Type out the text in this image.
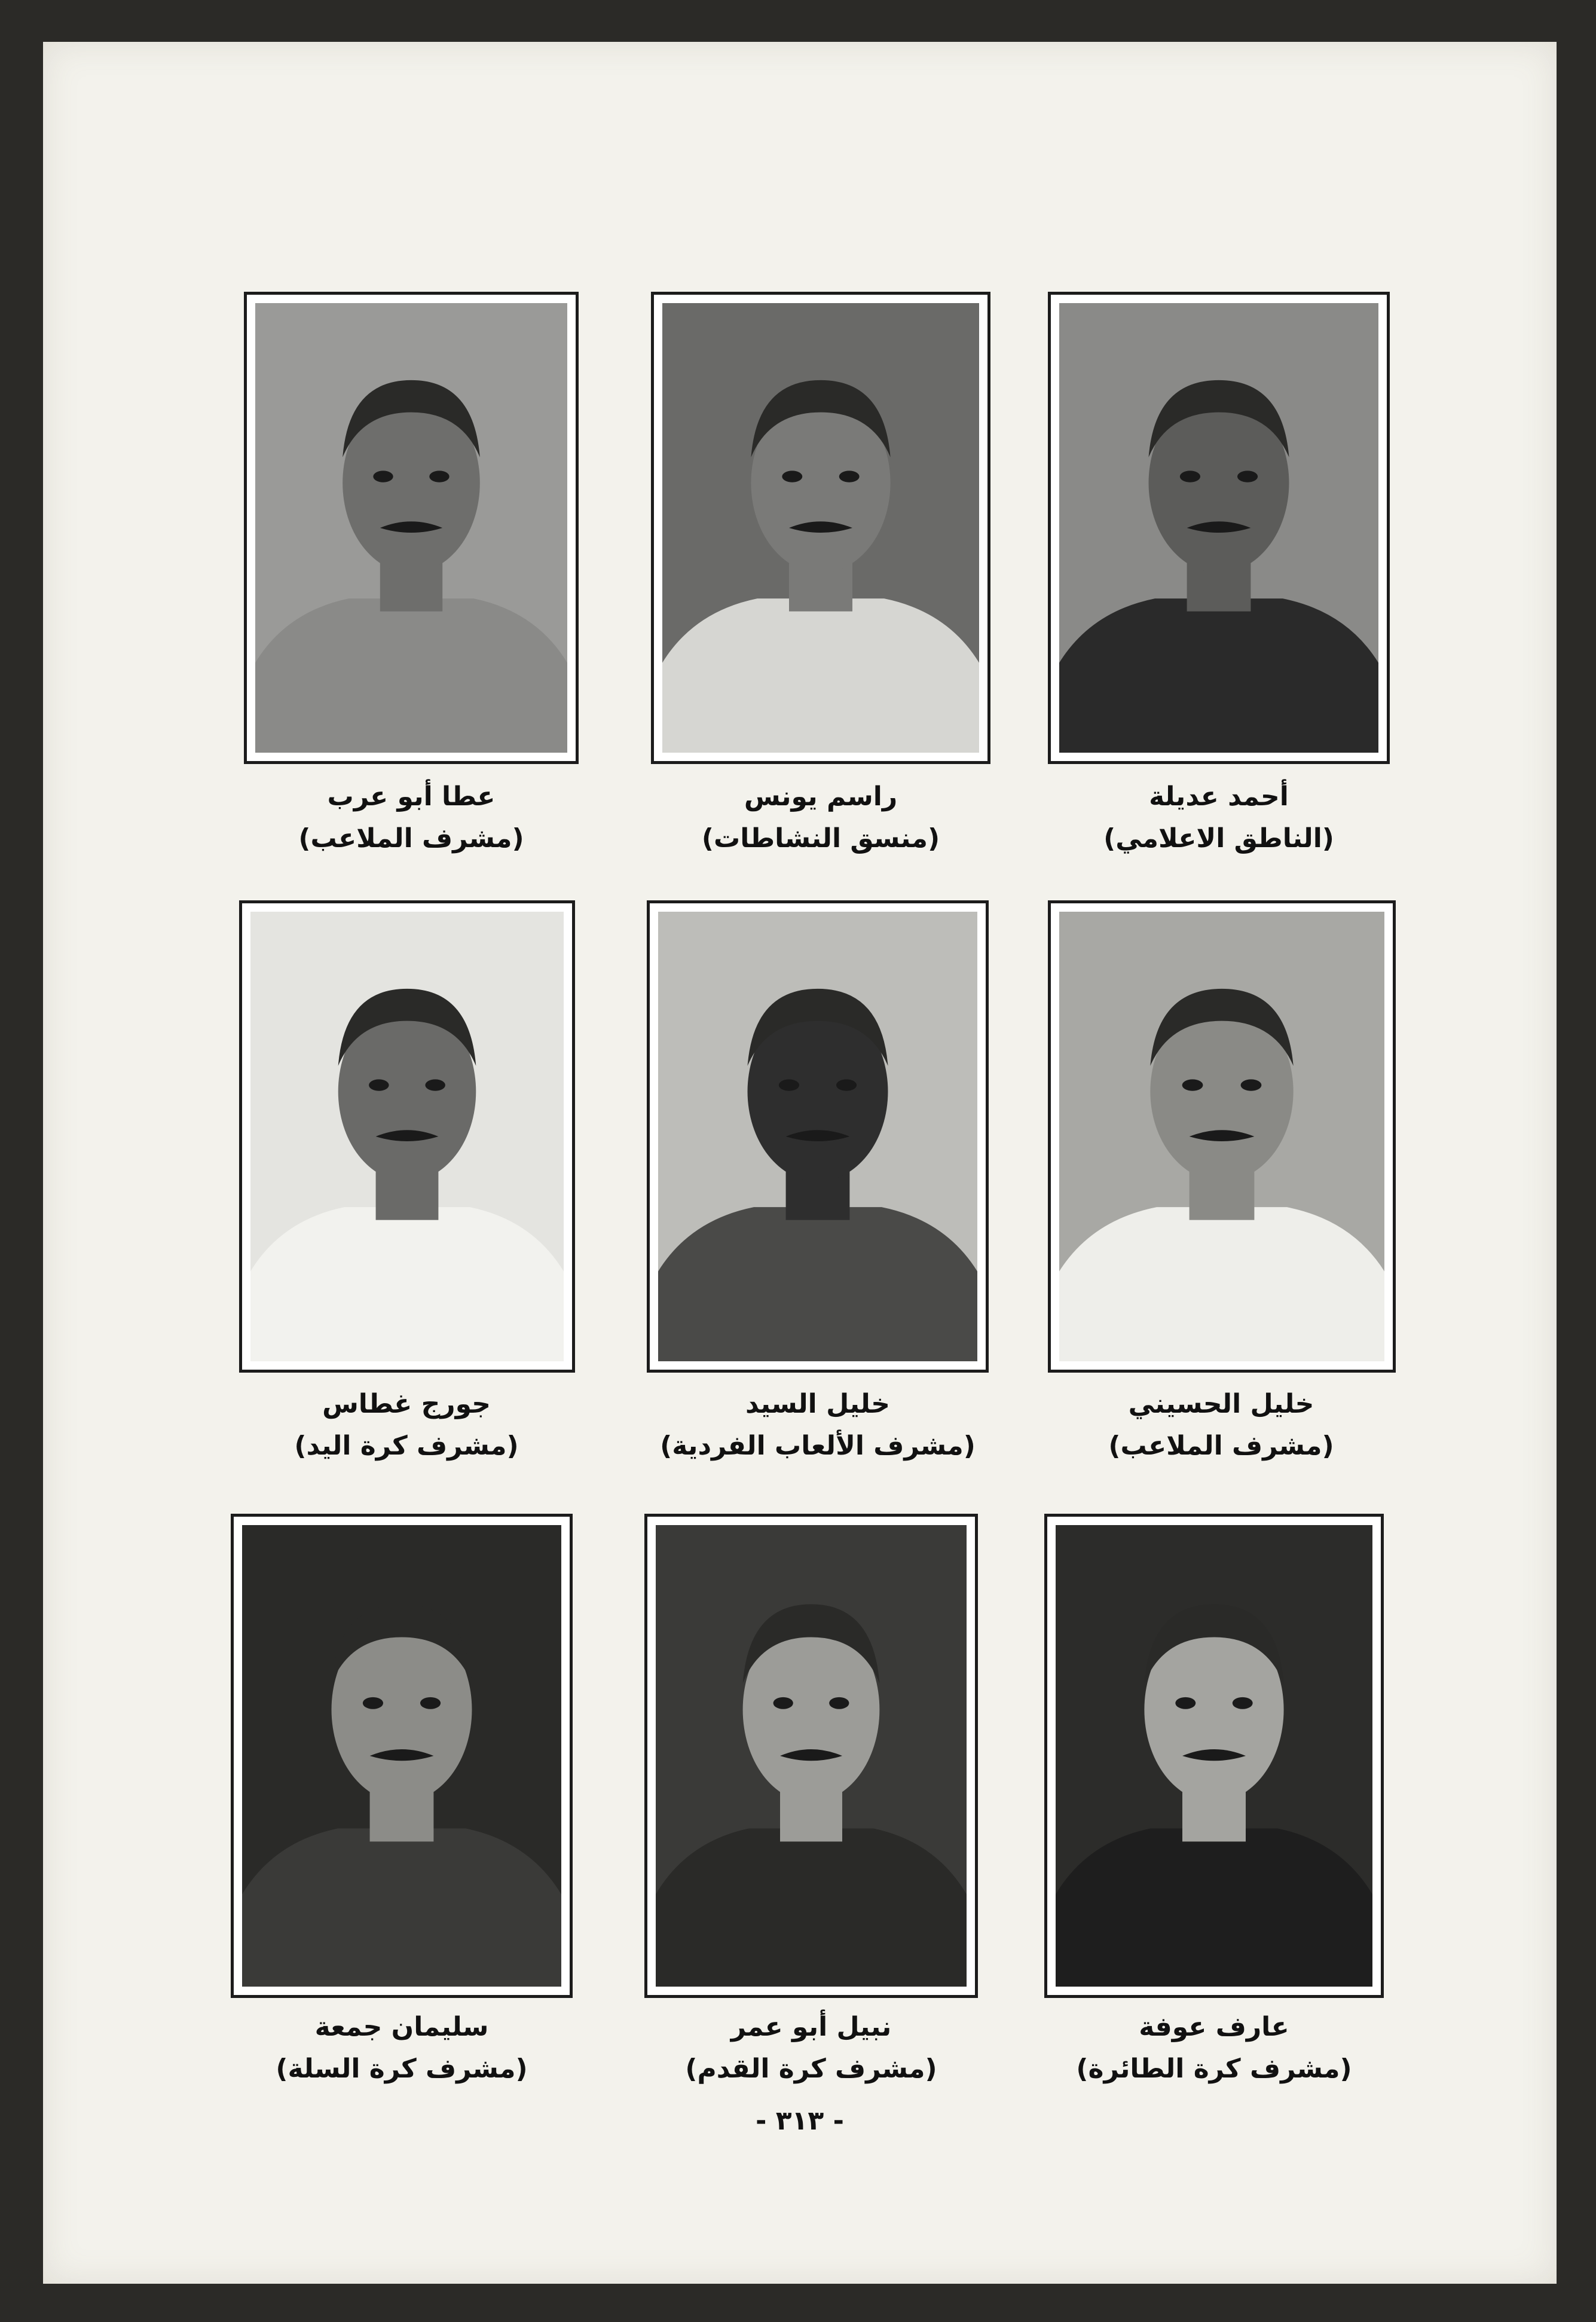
عطا أبو عرب
(مشرف الملاعب)
راسم يونس
(منسق النشاطات)
أحمد عديلة
(الناطق الاعلامي)
جورج غطاس
(مشرف كرة اليد)
خليل السيد
(مشرف الألعاب الفردية)
خليل الحسيني
(مشرف الملاعب)
سليمان جمعة
(مشرف كرة السلة)
نبيل أبو عمر
(مشرف كرة القدم)
عارف عوفة
(مشرف كرة الطائرة)
- ٣١٣ -
